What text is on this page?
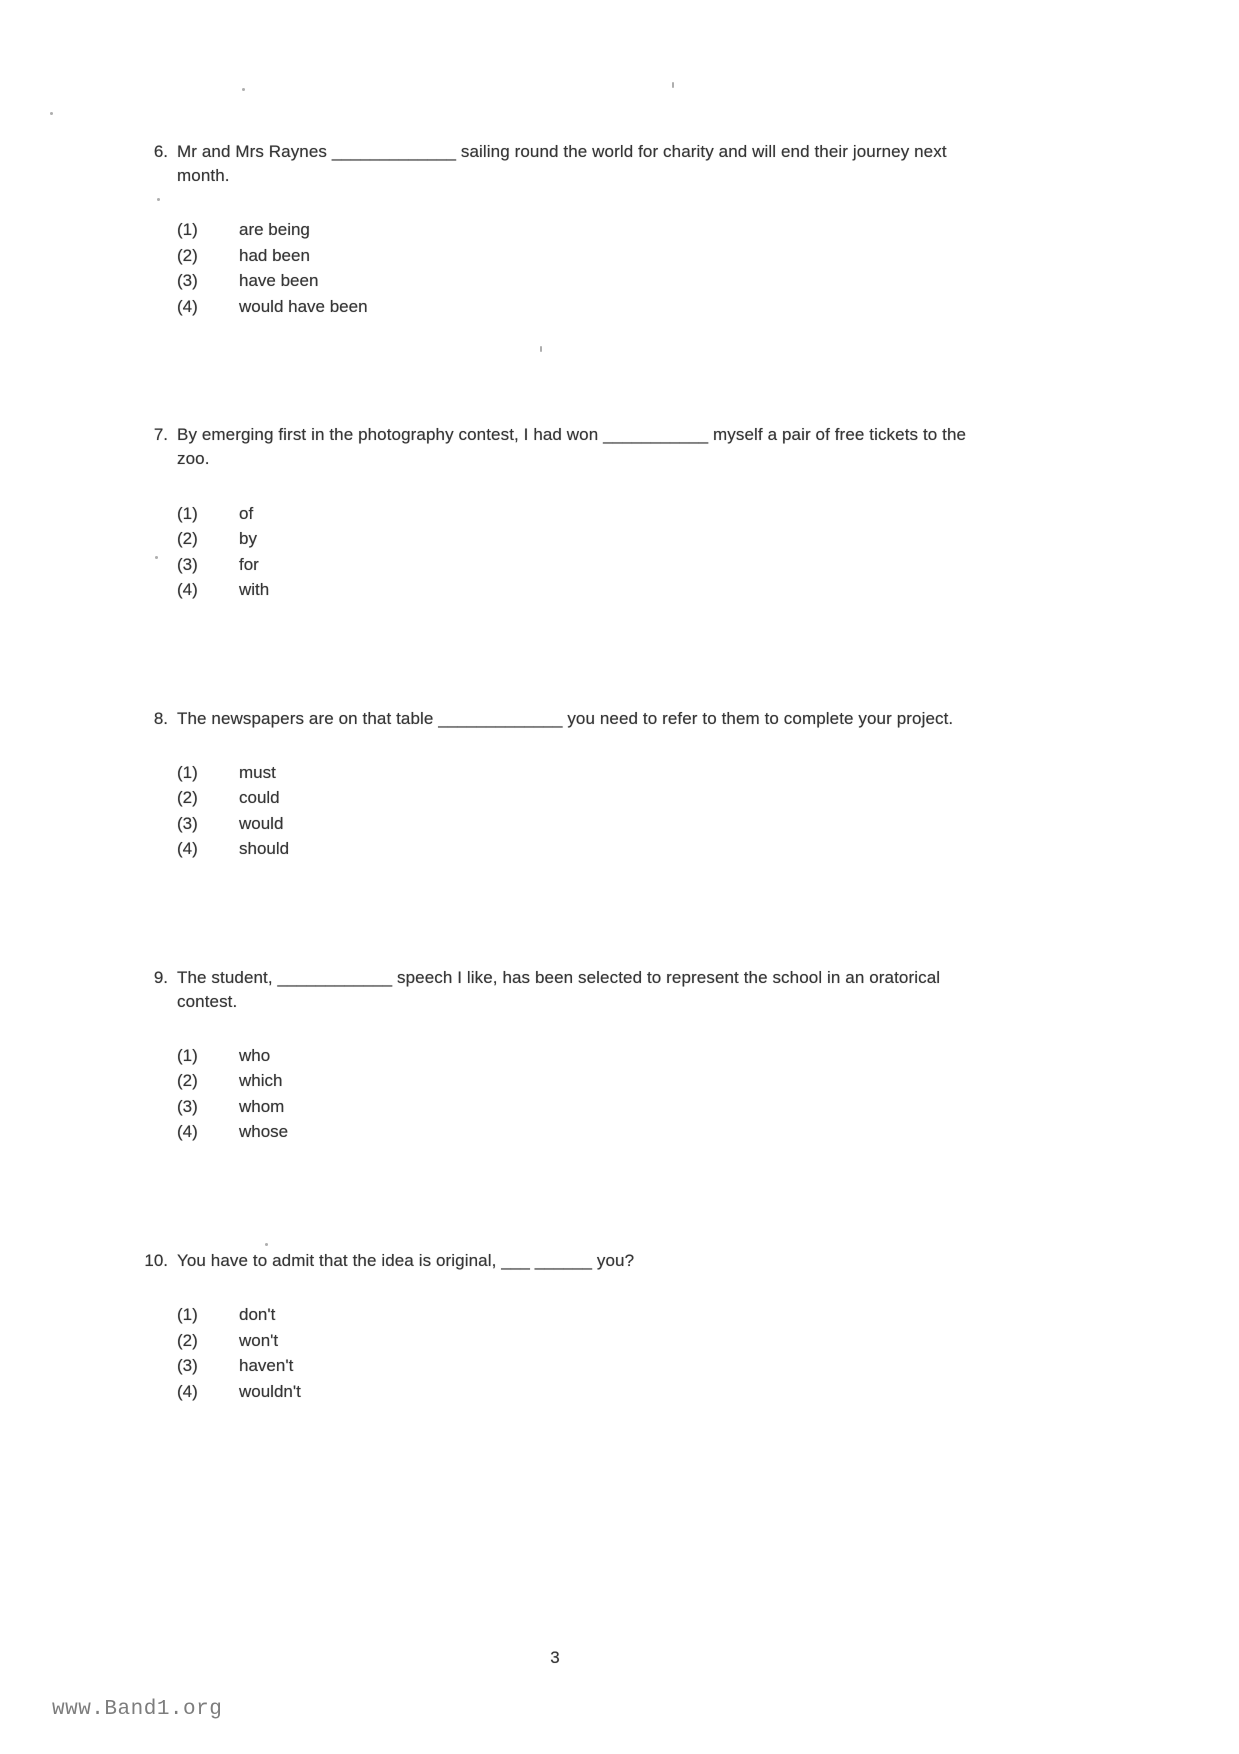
6. Mr and Mrs Raynes _____________ sailing round the world for charity and will end their journey next month.
(1)	are being
(2)	had been
(3)	have been
(4)	would have been
7. By emerging first in the photography contest, I had won ___________ myself a pair of free tickets to the zoo.
(1)	of
(2)	by
(3)	for
(4)	with
8. The newspapers are on that table _____________ you need to refer to them to complete your project.
(1)	must
(2)	could
(3)	would
(4)	should
9. The student, ____________ speech I like, has been selected to represent the school in an oratorical contest.
(1)	who
(2)	which
(3)	whom
(4)	whose
10. You have to admit that the idea is original, ___ ______ you?
(1)	don't
(2)	won't
(3)	haven't
(4)	wouldn't
3
www.Band1.org
